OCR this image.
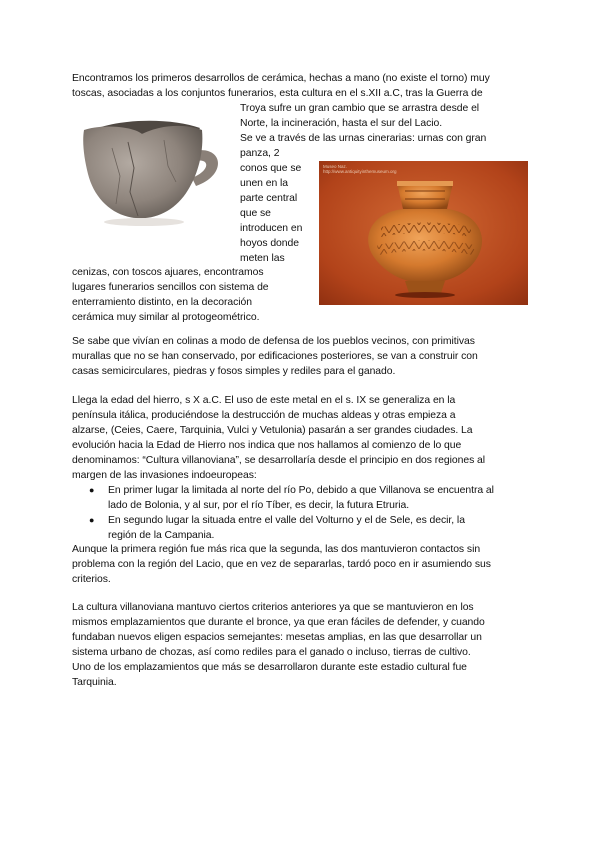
Encontramos los primeros desarrollos de cerámica, hechas a mano (no existe el torno) muy
toscas, asociadas a los conjuntos funerarios, esta cultura en el s.XII a.C, tras la Guerra de
Troya sufre un gran cambio que se arrastra desde el
Norte, la incineración, hasta el sur del Lacio.
Se ve a través de las urnas cinerarias: urnas con gran
panza, 2
conos que se
unen en la
parte central
que se
introducen en
hoyos donde
meten las
cenizas, con toscos ajuares, encontramos
lugares funerarios sencillos con sistema de
enterramiento distinto, en la decoración
cerámica muy similar al protogeométrico.
Museo Naz.
http://www.antiquityinthemuseum.org
Se sabe que vivían en colinas a modo de defensa de los pueblos vecinos, con primitivas
murallas que no se han conservado, por edificaciones posteriores, se van a construir con
casas semicirculares, piedras y fosos simples y rediles para el ganado.
Llega la edad del hierro, s X a.C. El uso de este metal en el s. IX se generaliza en la
península itálica, produciéndose la destrucción de muchas aldeas y otras empieza a
alzarse, (Ceies, Caere, Tarquinia, Vulci y Vetulonia) pasarán a ser grandes ciudades. La
evolución hacia la Edad de Hierro nos indica que nos hallamos al comienzo de lo que
denominamos: “Cultura villanoviana”, se desarrollaría desde el principio en dos regiones al
margen de las invasiones indoeuropeas:
● En primer lugar la limitada al norte del río Po, debido a que Villanova se encuentra al
lado de Bolonia, y al sur, por el río Tíber, es decir, la futura Etruria.
● En segundo lugar la situada entre el valle del Volturno y el de Sele, es decir, la
región de la Campania.
Aunque la primera región fue más rica que la segunda, las dos mantuvieron contactos sin
problema con la región del Lacio, que en vez de separarlas, tardó poco en ir asumiendo sus
criterios.
La cultura villanoviana mantuvo ciertos criterios anteriores ya que se mantuvieron en los
mismos emplazamientos que durante el bronce, ya que eran fáciles de defender, y cuando
fundaban nuevos eligen espacios semejantes: mesetas amplias, en las que desarrollar un
sistema urbano de chozas, así como rediles para el ganado o incluso, tierras de cultivo.
Uno de los emplazamientos que más se desarrollaron durante este estadio cultural fue
Tarquinia.
